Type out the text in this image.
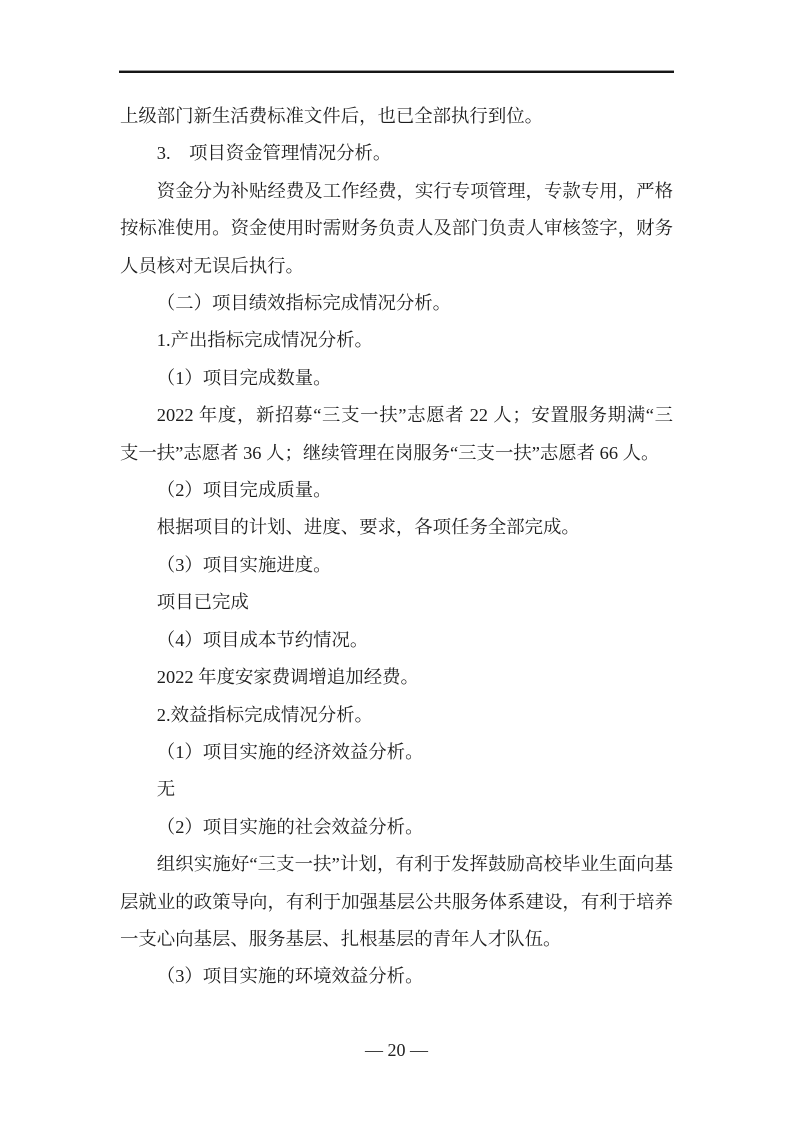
上级部门新生活费标准文件后，也已全部执行到位。

3. 项目资金管理情况分析。

资金分为补贴经费及工作经费，实行专项管理，专款专用，严格按标准使用。资金使用时需财务负责人及部门负责人审核签字，财务人员核对无误后执行。

（二）项目绩效指标完成情况分析。

1.产出指标完成情况分析。

（1）项目完成数量。

2022 年度，新招募“三支一扶”志愿者 22 人；安置服务期满“三支一扶”志愿者 36 人；继续管理在岗服务“三支一扶”志愿者 66 人。

（2）项目完成质量。

根据项目的计划、进度、要求，各项任务全部完成。

（3）项目实施进度。

项目已完成

（4）项目成本节约情况。

2022 年度安家费调增追加经费。

2.效益指标完成情况分析。

（1）项目实施的经济效益分析。

无

（2）项目实施的社会效益分析。

组织实施好“三支一扶”计划，有利于发挥鼓励高校毕业生面向基层就业的政策导向，有利于加强基层公共服务体系建设，有利于培养一支心向基层、服务基层、扎根基层的青年人才队伍。

（3）项目实施的环境效益分析。

— 20 —
